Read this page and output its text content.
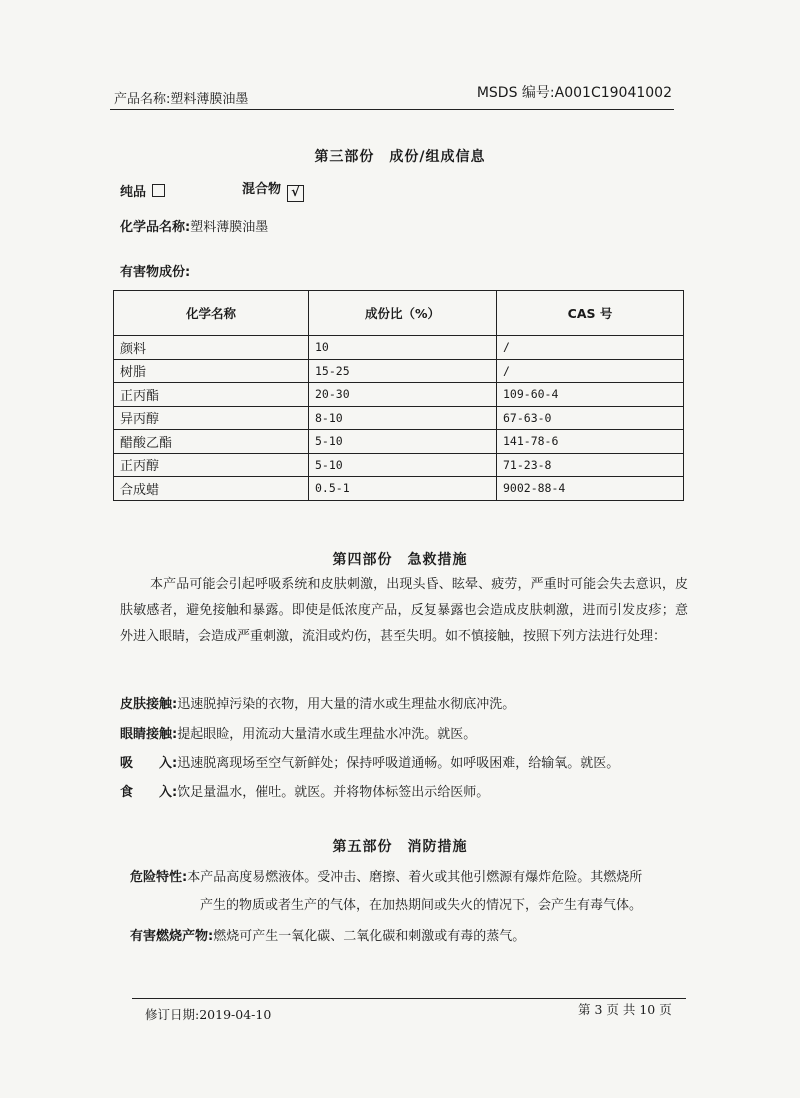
产品名称:塑料薄膜油墨	MSDS 编号:A001C19041002
第三部份　成份/组成信息
纯品	混合物 √
化学品名称:塑料薄膜油墨
有害物成份:
化学名称	成份比（%）	CAS 号
颜料	10	/
树脂	15-25	/
正丙酯	20-30	109-60-4
异丙醇	8-10	67-63-0
醋酸乙酯	5-10	141-78-6
正丙醇	5-10	71-23-8
合成蜡	0.5-1	9002-88-4
第四部份　急救措施
本产品可能会引起呼吸系统和皮肤刺激，出现头昏、眩晕、疲劳，严重时可能会失去意识，皮肤敏感者，避免接触和暴露。即使是低浓度产品，反复暴露也会造成皮肤刺激，进而引发皮疹；意外进入眼睛，会造成严重刺激，流泪或灼伤，甚至失明。如不慎接触，按照下列方法进行处理：
皮肤接触:迅速脱掉污染的衣物，用大量的清水或生理盐水彻底冲洗。
眼睛接触:提起眼睑，用流动大量清水或生理盐水冲洗。就医。
吸　　入:迅速脱离现场至空气新鲜处；保持呼吸道通畅。如呼吸困难，给输氧。就医。
食　　入:饮足量温水，催吐。就医。并将物体标签出示给医师。
第五部份　消防措施
危险特性:本产品高度易燃液体。受冲击、磨擦、着火或其他引燃源有爆炸危险。其燃烧所
产生的物质或者生产的气体，在加热期间或失火的情况下，会产生有毒气体。
有害燃烧产物:燃烧可产生一氧化碳、二氧化碳和刺激或有毒的蒸气。
修订日期:2019-04-10	第 3 页 共 10 页
